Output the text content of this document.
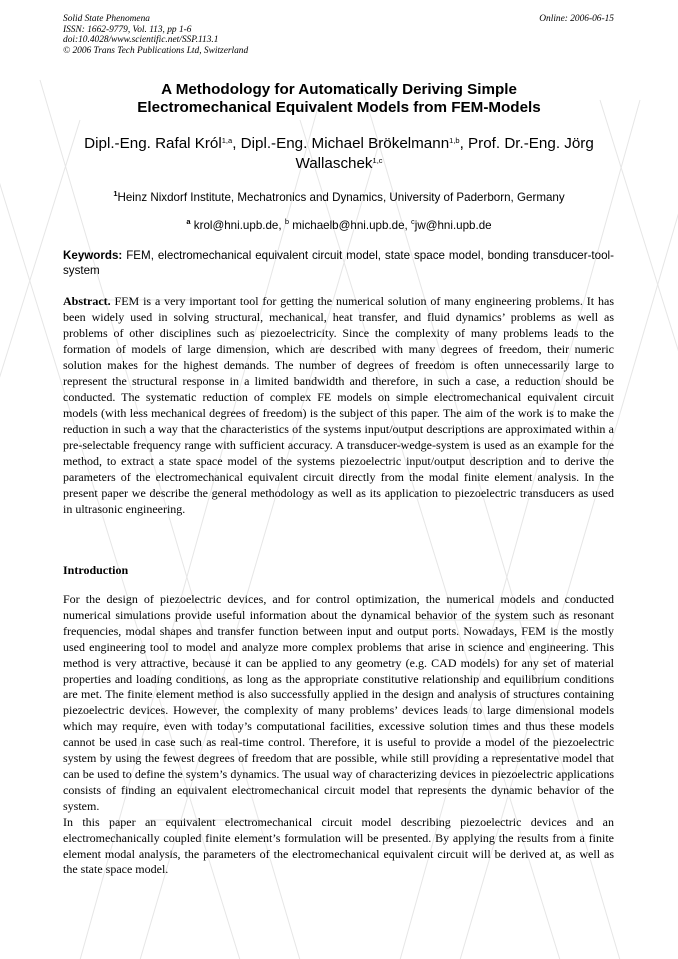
Solid State Phenomena
ISSN: 1662-9779, Vol. 113, pp 1-6
doi:10.4028/www.scientific.net/SSP.113.1
© 2006 Trans Tech Publications Ltd, Switzerland
Online: 2006-06-15
A Methodology for Automatically Deriving Simple
Electromechanical Equivalent Models from FEM-Models
Dipl.-Eng. Rafal Król$^{1,a}$, Dipl.-Eng. Michael Brökelmann$^{1,b}$, Prof. Dr.-Eng. Jörg Wallaschek$^{1,c}$
$^1$Heinz Nixdorf Institute, Mechatronics and Dynamics, University of Paderborn, Germany
$^a$ krol@hni.upb.de, $^b$ michaelb@hni.upb.de, $^c$jw@hni.upb.de
Keywords: FEM, electromechanical equivalent circuit model, state space model, bonding transducer-tool-system
Abstract. FEM is a very important tool for getting the numerical solution of many engineering problems. It has been widely used in solving structural, mechanical, heat transfer, and fluid dynamics’ problems as well as problems of other disciplines such as piezoelectricity. Since the complexity of many problems leads to the formation of models of large dimension, which are described with many degrees of freedom, their numeric solution makes for the highest demands. The number of degrees of freedom is often unnecessarily large to represent the structural response in a limited bandwidth and therefore, in such a case, a reduction should be conducted. The systematic reduction of complex FE models on simple electromechanical equivalent circuit models (with less mechanical degrees of freedom) is the subject of this paper. The aim of the work is to make the reduction in such a way that the characteristics of the systems input/output descriptions are approximated within a pre-selectable frequency range with sufficient accuracy. A transducer-wedge-system is used as an example for the method, to extract a state space model of the systems piezoelectric input/output description and to derive the parameters of the electromechanical equivalent circuit directly from the modal finite element analysis. In the present paper we describe the general methodology as well as its application to piezoelectric transducers as used in ultrasonic engineering.
Introduction

For the design of piezoelectric devices, and for control optimization, the numerical models and conducted numerical simulations provide useful information about the dynamical behavior of the system such as resonant frequencies, modal shapes and transfer function between input and output ports. Nowadays, FEM is the mostly used engineering tool to model and analyze more complex problems that arise in science and engineering. This method is very attractive, because it can be applied to any geometry (e.g. CAD models) for any set of material properties and loading conditions, as long as the appropriate constitutive relationship and equilibrium conditions are met. The finite element method is also successfully applied in the design and analysis of structures containing piezoelectric devices. However, the complexity of many problems’ devices leads to large dimensional models which may require, even with today’s computational facilities, excessive solution times and thus these models cannot be used in case such as real-time control. Therefore, it is useful to provide a model of the piezoelectric system by using the fewest degrees of freedom that are possible, while still providing a representative model that can be used to define the system’s dynamics. The usual way of characterizing devices in piezoelectric applications consists of finding an equivalent electromechanical circuit model that represents the dynamic behavior of the system.

In this paper an equivalent electromechanical circuit model describing piezoelectric devices and an electromechanically coupled finite element’s formulation will be presented. By applying the results from a finite element modal analysis, the parameters of the electromechanical equivalent circuit will be derived at, as well as the state space model.
